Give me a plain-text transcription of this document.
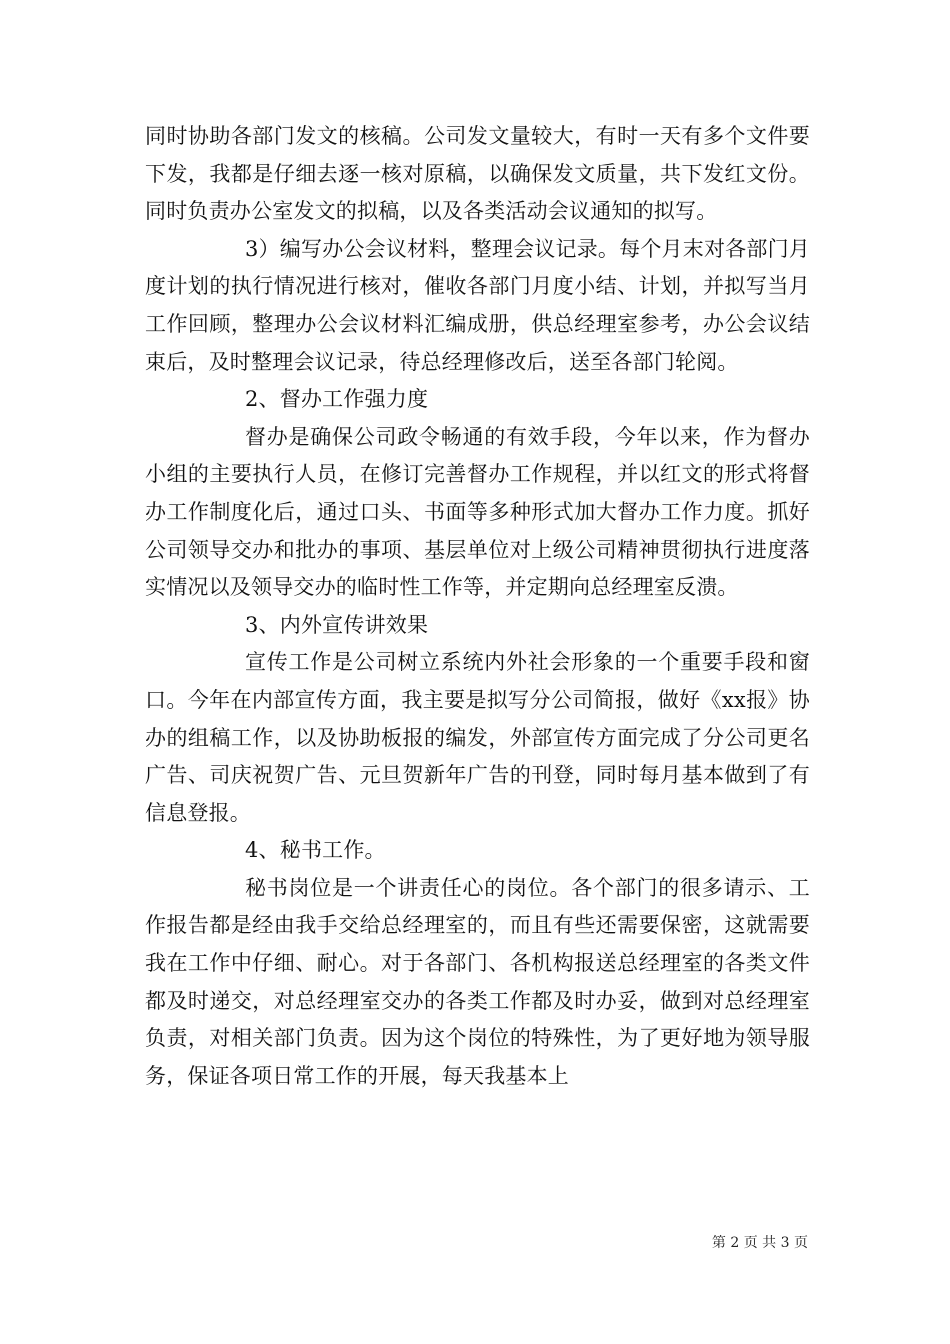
同时协助各部门发文的核稿。公司发文量较大，有时一天有多个文件要下发，我都是仔细去逐一核对原稿，以确保发文质量，共下发红文份。同时负责办公室发文的拟稿，以及各类活动会议通知的拟写。

3）编写办公会议材料，整理会议记录。每个月末对各部门月度计划的执行情况进行核对，催收各部门月度小结、计划，并拟写当月工作回顾，整理办公会议材料汇编成册，供总经理室参考，办公会议结束后，及时整理会议记录，待总经理修改后，送至各部门轮阅。

2、督办工作强力度

督办是确保公司政令畅通的有效手段，今年以来，作为督办小组的主要执行人员，在修订完善督办工作规程，并以红文的形式将督办工作制度化后，通过口头、书面等多种形式加大督办工作力度。抓好公司领导交办和批办的事项、基层单位对上级公司精神贯彻执行进度落实情况以及领导交办的临时性工作等，并定期向总经理室反溃。

3、内外宣传讲效果

宣传工作是公司树立系统内外社会形象的一个重要手段和窗口。今年在内部宣传方面，我主要是拟写分公司简报，做好《xx报》协办的组稿工作，以及协助板报的编发，外部宣传方面完成了分公司更名广告、司庆祝贺广告、元旦贺新年广告的刊登，同时每月基本做到了有信息登报。

4、秘书工作。

秘书岗位是一个讲责任心的岗位。各个部门的很多请示、工作报告都是经由我手交给总经理室的，而且有些还需要保密，这就需要我在工作中仔细、耐心。对于各部门、各机构报送总经理室的各类文件都及时递交，对总经理室交办的各类工作都及时办妥，做到对总经理室负责，对相关部门负责。因为这个岗位的特殊性，为了更好地为领导服务，保证各项日常工作的开展，每天我基本上

第 2 页 共 3 页
